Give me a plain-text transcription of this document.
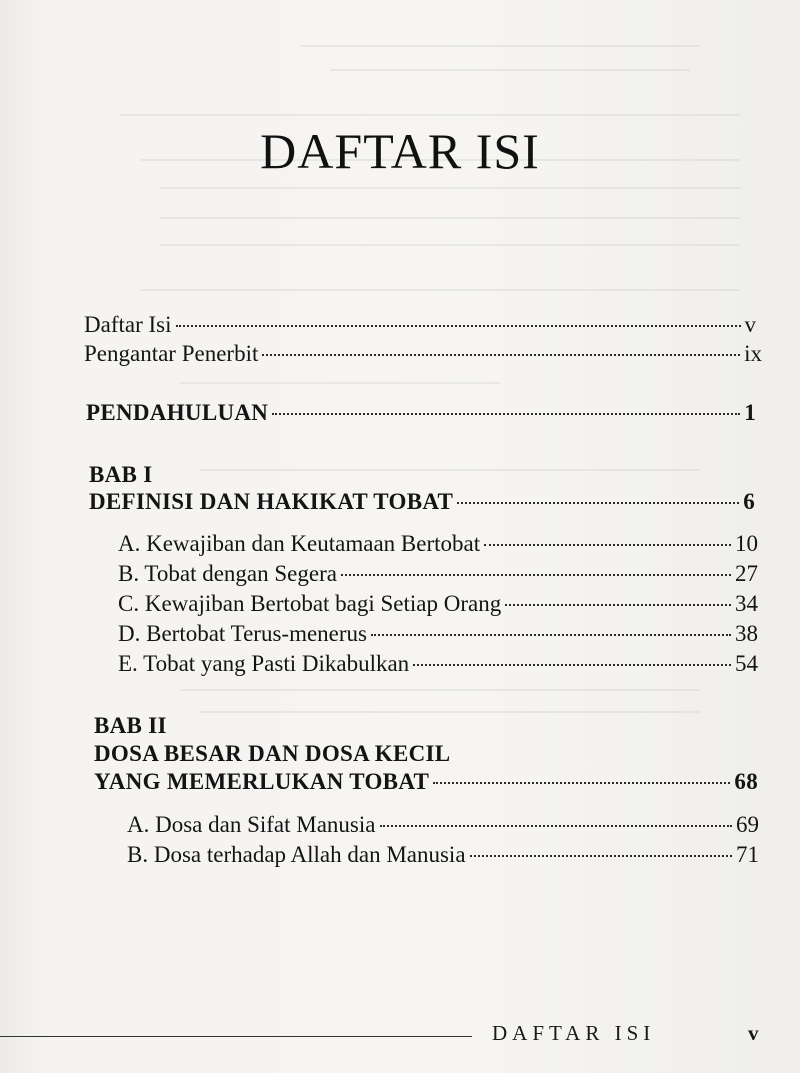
DAFTAR ISI
Daftar Isi	v
Pengantar Penerbit	ix
PENDAHULUAN	1
BAB I
DEFINISI DAN HAKIKAT TOBAT	6
A. Kewajiban dan Keutamaan Bertobat	10
B. Tobat dengan Segera	27
C. Kewajiban Bertobat bagi Setiap Orang	34
D. Bertobat Terus-menerus	38
E. Tobat yang Pasti Dikabulkan	54
BAB II
DOSA BESAR DAN DOSA KECIL
YANG MEMERLUKAN TOBAT	68
A. Dosa dan Sifat Manusia	69
B. Dosa terhadap Allah dan Manusia	71
DAFTAR ISI	v
